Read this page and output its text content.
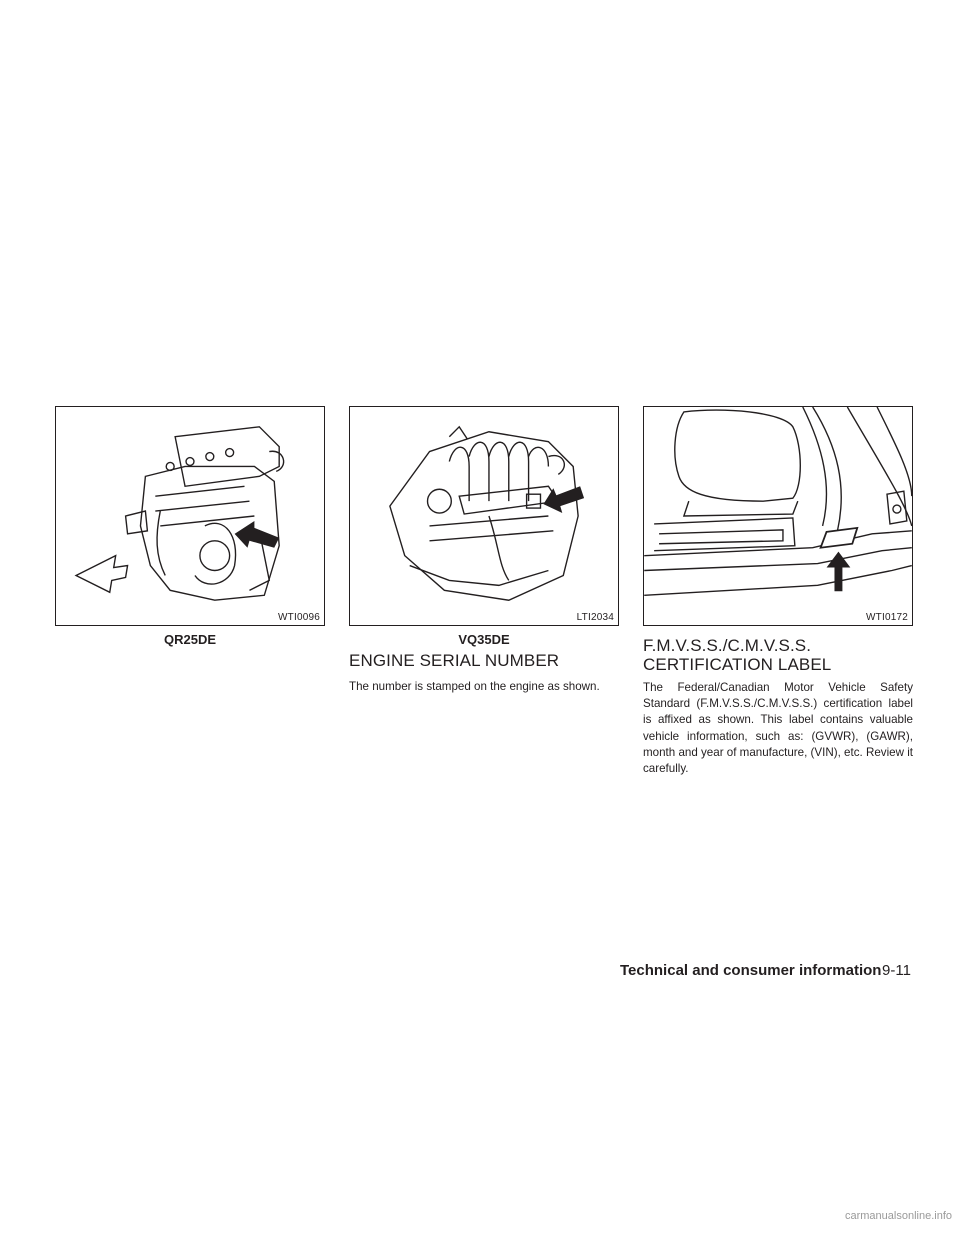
WTI0096
QR25DE
LTI2034
VQ35DE
WTI0172
ENGINE SERIAL NUMBER
The number is stamped on the engine as shown.
F.M.V.S.S./C.M.V.S.S.
CERTIFICATION LABEL
The Federal/Canadian Motor Vehicle Safety Standard (F.M.V.S.S./C.M.V.S.S.) certification label is affixed as shown. This label contains valuable vehicle information, such as: (GVWR), (GAWR), month and year of manufacture, (VIN), etc. Review it carefully.
Technical and consumer information 9-11
carmanualsonline.info
